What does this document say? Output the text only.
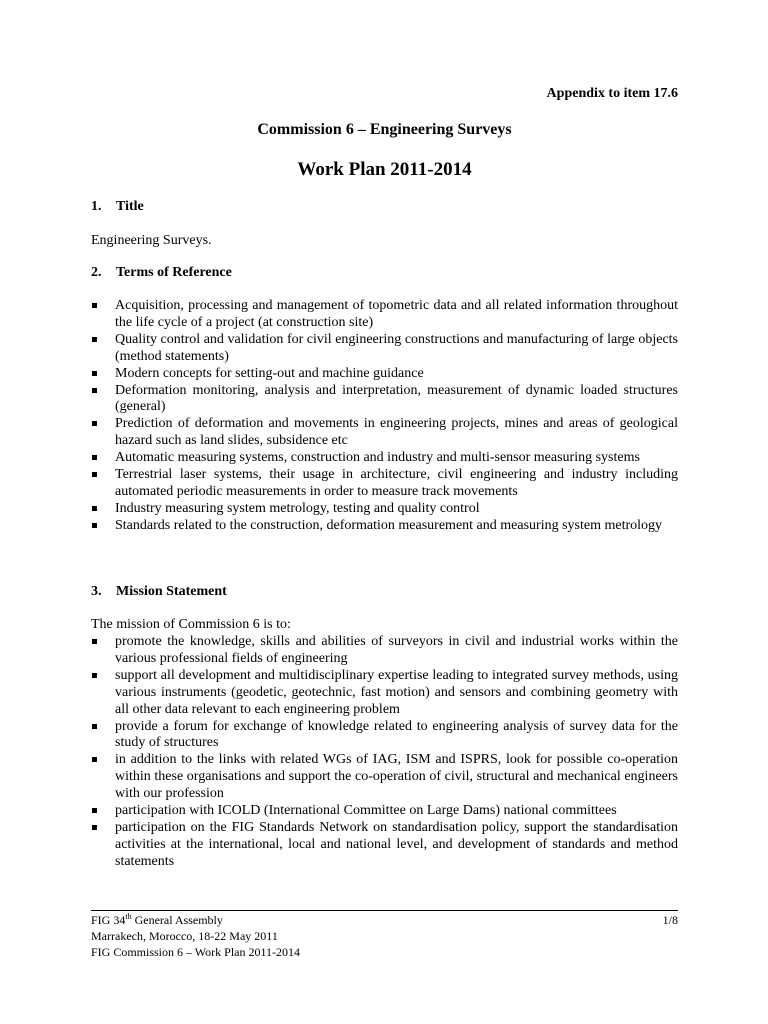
Appendix to item 17.6
Commission 6 – Engineering Surveys
Work Plan 2011-2014
1. Title
Engineering Surveys.
2. Terms of Reference
Acquisition, processing and management of topometric data and all related information throughout the life cycle of a project (at construction site)
Quality control and validation for civil engineering constructions and manufacturing of large objects (method statements)
Modern concepts for setting-out and machine guidance
Deformation monitoring, analysis and interpretation, measurement of dynamic loaded structures (general)
Prediction of deformation and movements in engineering projects, mines and areas of geological hazard such as land slides, subsidence etc
Automatic measuring systems, construction and industry and multi-sensor measuring systems
Terrestrial laser systems, their usage in architecture, civil engineering and industry including automated periodic measurements in order to measure track movements
Industry measuring system metrology, testing and quality control
Standards related to the construction, deformation measurement and measuring system metrology
3. Mission Statement
The mission of Commission 6 is to:
promote the knowledge, skills and abilities of surveyors in civil and industrial works within the various professional fields of engineering
support all development and multidisciplinary expertise leading to integrated survey methods, using various instruments (geodetic, geotechnic, fast motion) and sensors and combining geometry with all other data relevant to each engineering problem
provide a forum for exchange of knowledge related to engineering analysis of survey data for the study of structures
in addition to the links with related WGs of IAG, ISM and ISPRS, look for possible co-operation within these organisations and support the co-operation of civil, structural and mechanical engineers with our profession
participation with ICOLD (International Committee on Large Dams) national committees
participation on the FIG Standards Network on standardisation policy, support the standardisation activities at the international, local and national level, and development of standards and method statements
FIG 34th General Assembly
Marrakech, Morocco, 18-22 May 2011
FIG Commission 6 – Work Plan 2011-2014
1/8
